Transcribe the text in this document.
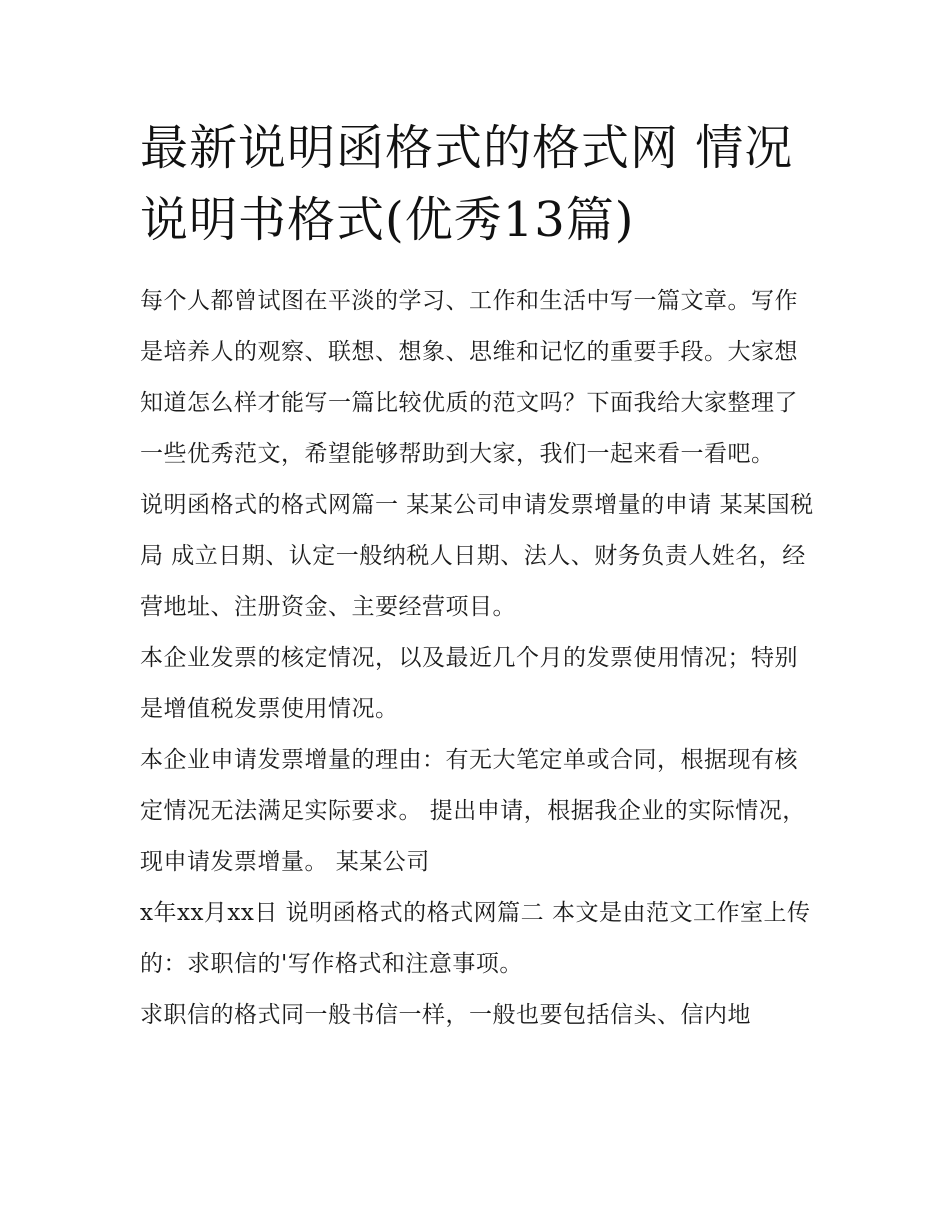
最新说明函格式的格式网 情况说明书格式(优秀13篇)

每个人都曾试图在平淡的学习、工作和生活中写一篇文章。写作是培养人的观察、联想、想象、思维和记忆的重要手段。大家想知道怎么样才能写一篇比较优质的范文吗？下面我给大家整理了一些优秀范文，希望能够帮助到大家，我们一起来看一看吧。

说明函格式的格式网篇一 某某公司申请发票增量的申请 某某国税局 成立日期、认定一般纳税人日期、法人、财务负责人姓名，经营地址、注册资金、主要经营项目。

本企业发票的核定情况，以及最近几个月的发票使用情况；特别是增值税发票使用情况。

本企业申请发票增量的理由：有无大笔定单或合同，根据现有核定情况无法满足实际要求。 提出申请，根据我企业的实际情况，现申请发票增量。 某某公司

x年xx月xx日 说明函格式的格式网篇二 本文是由范文工作室上传的：求职信的'写作格式和注意事项。

求职信的格式同一般书信一样，一般也要包括信头、信内地
